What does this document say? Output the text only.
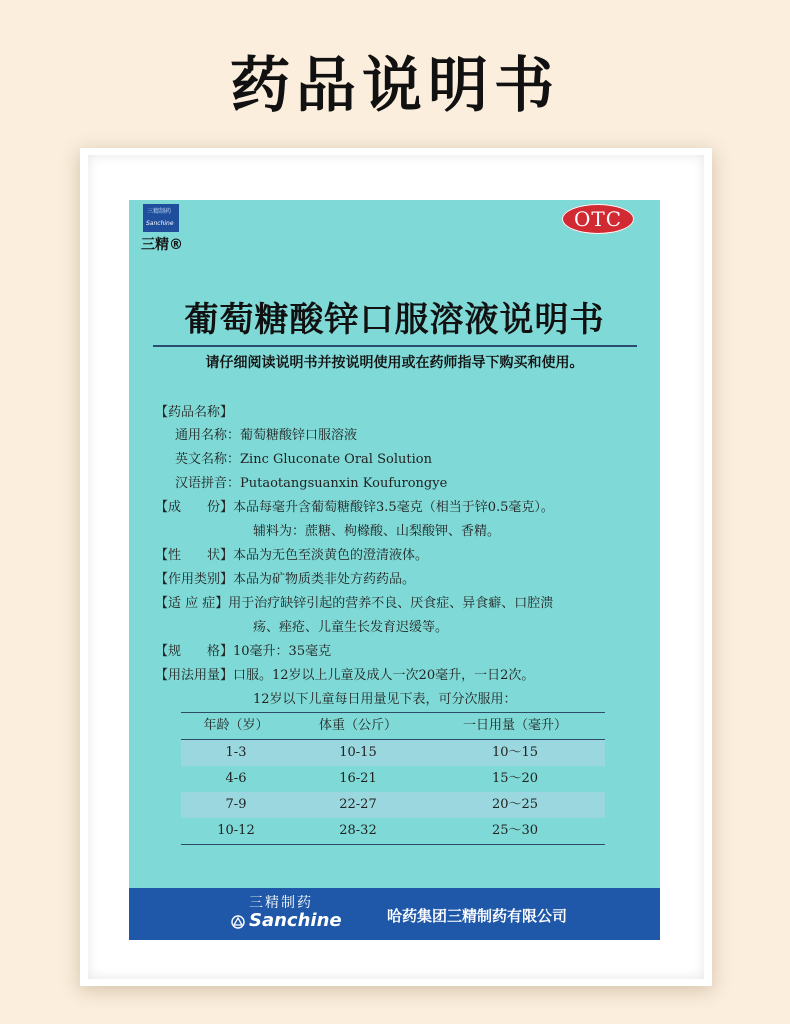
药品说明书
三精制药
Sanchine
三精®
OTC
葡萄糖酸锌口服溶液说明书
请仔细阅读说明书并按说明使用或在药师指导下购买和使用。
【药品名称】
通用名称：葡萄糖酸锌口服溶液
英文名称：Zinc Gluconate Oral Solution
汉语拼音：Putaotangsuanxin Koufurongye
【成　　份】本品每毫升含葡萄糖酸锌3.5毫克（相当于锌0.5毫克）。
辅料为：蔗糖、枸橼酸、山梨酸钾、香精。
【性　　状】本品为无色至淡黄色的澄清液体。
【作用类别】本品为矿物质类非处方药药品。
【适 应 症】用于治疗缺锌引起的营养不良、厌食症、异食癖、口腔溃
疡、痤疮、儿童生长发育迟缓等。
【规　　格】10毫升：35毫克
【用法用量】口服。12岁以上儿童及成人一次20毫升，一日2次。
12岁以下儿童每日用量见下表，可分次服用：
年龄（岁）	体重（公斤）	一日用量（毫升）
1-3	10-15	10～15
4-6	16-21	15～20
7-9	22-27	20～25
10-12	28-32	25～30
三精制药
Sanchine	哈药集团三精制药有限公司
